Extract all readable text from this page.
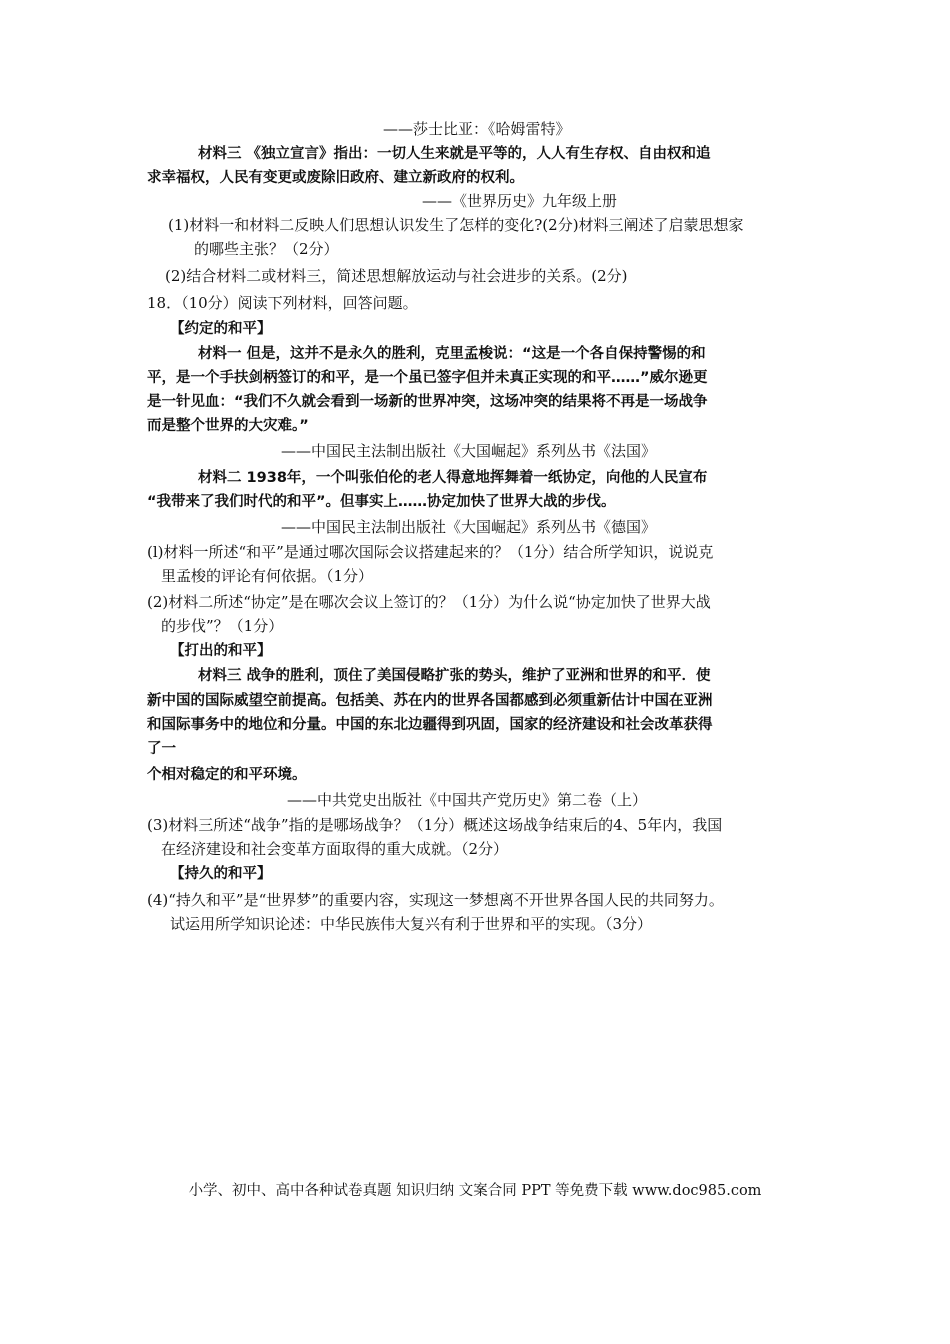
——莎士比亚：《哈姆雷特》
材料三 《独立宣言》指出：一切人生来就是平等的，人人有生存权、自由权和追
求幸福权，人民有变更或废除旧政府、建立新政府的权利。
——《世界历史》九年级上册
(1)材料一和材料二反映人们思想认识发生了怎样的变化?(2分)材料三阐述了启蒙思想家
的哪些主张？（2分）
(2)结合材料二或材料三，简述思想解放运动与社会进步的关系。(2分)
18．（10分）阅读下列材料，回答问题。
【约定的和平】
材料一 但是，这并不是永久的胜利，克里孟梭说：“这是一个各自保持警惕的和
平，是一个手扶剑柄签订的和平，是一个虽已签字但并未真正实现的和平……”威尔逊更
是一针见血：“我们不久就会看到一场新的世界冲突，这场冲突的结果将不再是一场战争
而是整个世界的大灾难。”
——中国民主法制出版社《大国崛起》系列丛书《法国》
材料二 1938年，一个叫张伯伦的老人得意地挥舞着一纸协定，向他的人民宣布
“我带来了我们时代的和平”。但事实上……协定加快了世界大战的步伐。
——中国民主法制出版社《大国崛起》系列丛书《德国》
(l)材料一所述“和平”是通过哪次国际会议搭建起来的？（1分）结合所学知识，说说克
里孟梭的评论有何依据。（1分）
(2)材料二所述“协定”是在哪次会议上签订的？（1分）为什么说“协定加快了世界大战
的步伐”？（1分）
【打出的和平】
材料三 战争的胜利，顶住了美国侵略扩张的势头，维护了亚洲和世界的和平．使
新中国的国际威望空前提高。包括美、苏在内的世界各国都感到必须重新估计中国在亚洲
和国际事务中的地位和分量。中国的东北边疆得到巩固，国家的经济建设和社会改革获得
了一
个相对稳定的和平环境。
——中共党史出版社《中国共产党历史》第二卷（上）
(3)材料三所述“战争”指的是哪场战争？（1分）概述这场战争结束后的4、5年内，我国
在经济建设和社会变革方面取得的重大成就。（2分）
【持久的和平】
(4)“持久和平”是“世界梦”的重要内容，实现这一梦想离不开世界各国人民的共同努力。
试运用所学知识论述：中华民族伟大复兴有利于世界和平的实现。（3分）
小学、初中、高中各种试卷真题 知识归纳 文案合同 PPT 等免费下载 www.doc985.com
